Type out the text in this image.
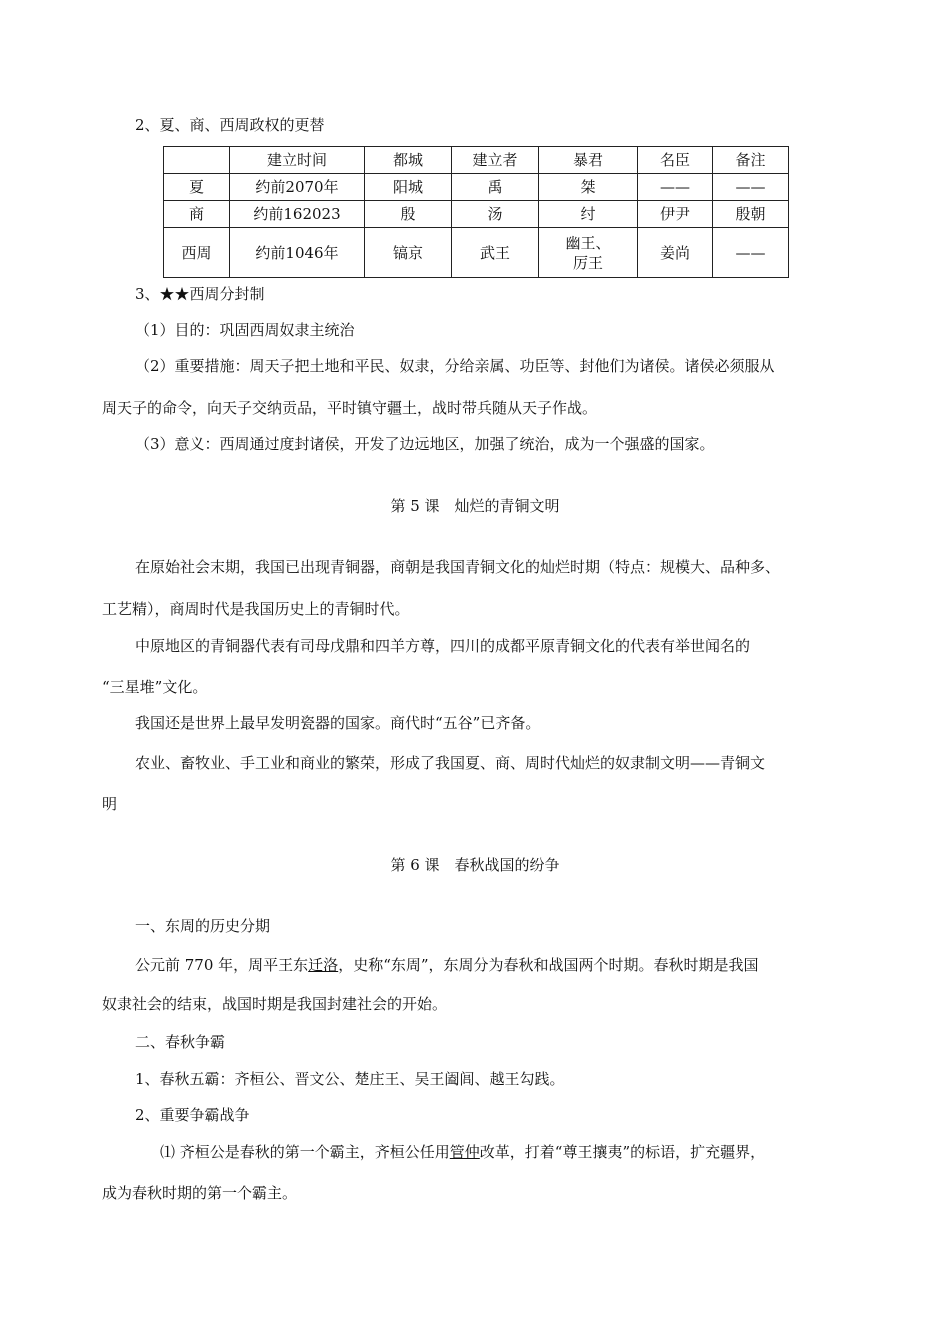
2、夏、商、西周政权的更替
	建立时间	都城	建立者	暴君	名臣	备注
夏	约前2070年	阳城	禹	桀	——	——
商	约前162023	殷	汤	纣	伊尹	殷朝
西周	约前1046年	镐京	武王	幽王、厉王	姜尚	——
3、★★西周分封制
（1）目的：巩固西周奴隶主统治
（2）重要措施：周天子把土地和平民、奴隶，分给亲属、功臣等、封他们为诸侯。诸侯必须服从
周天子的命令，向天子交纳贡品，平时镇守疆土，战时带兵随从天子作战。
（3）意义：西周通过度封诸侯，开发了边远地区，加强了统治，成为一个强盛的国家。
第 5 课　灿烂的青铜文明
在原始社会末期，我国已出现青铜器，商朝是我国青铜文化的灿烂时期（特点：规模大、品种多、
工艺精），商周时代是我国历史上的青铜时代。
中原地区的青铜器代表有司母戊鼎和四羊方尊，四川的成都平原青铜文化的代表有举世闻名的
“三星堆”文化。
我国还是世界上最早发明瓷器的国家。商代时“五谷”已齐备。
农业、畜牧业、手工业和商业的繁荣，形成了我国夏、商、周时代灿烂的奴隶制文明——青铜文
明
第 6 课　春秋战国的纷争
一、东周的历史分期
公元前 770 年，周平王东迁洛，史称“东周”，东周分为春秋和战国两个时期。春秋时期是我国
奴隶社会的结束，战国时期是我国封建社会的开始。
二、春秋争霸
1、春秋五霸：齐桓公、晋文公、楚庄王、吴王阖闾、越王勾践。
2、重要争霸战争
⑴ 齐桓公是春秋的第一个霸主，齐桓公任用管仲改革，打着“尊王攘夷”的标语，扩充疆界，
成为春秋时期的第一个霸主。
